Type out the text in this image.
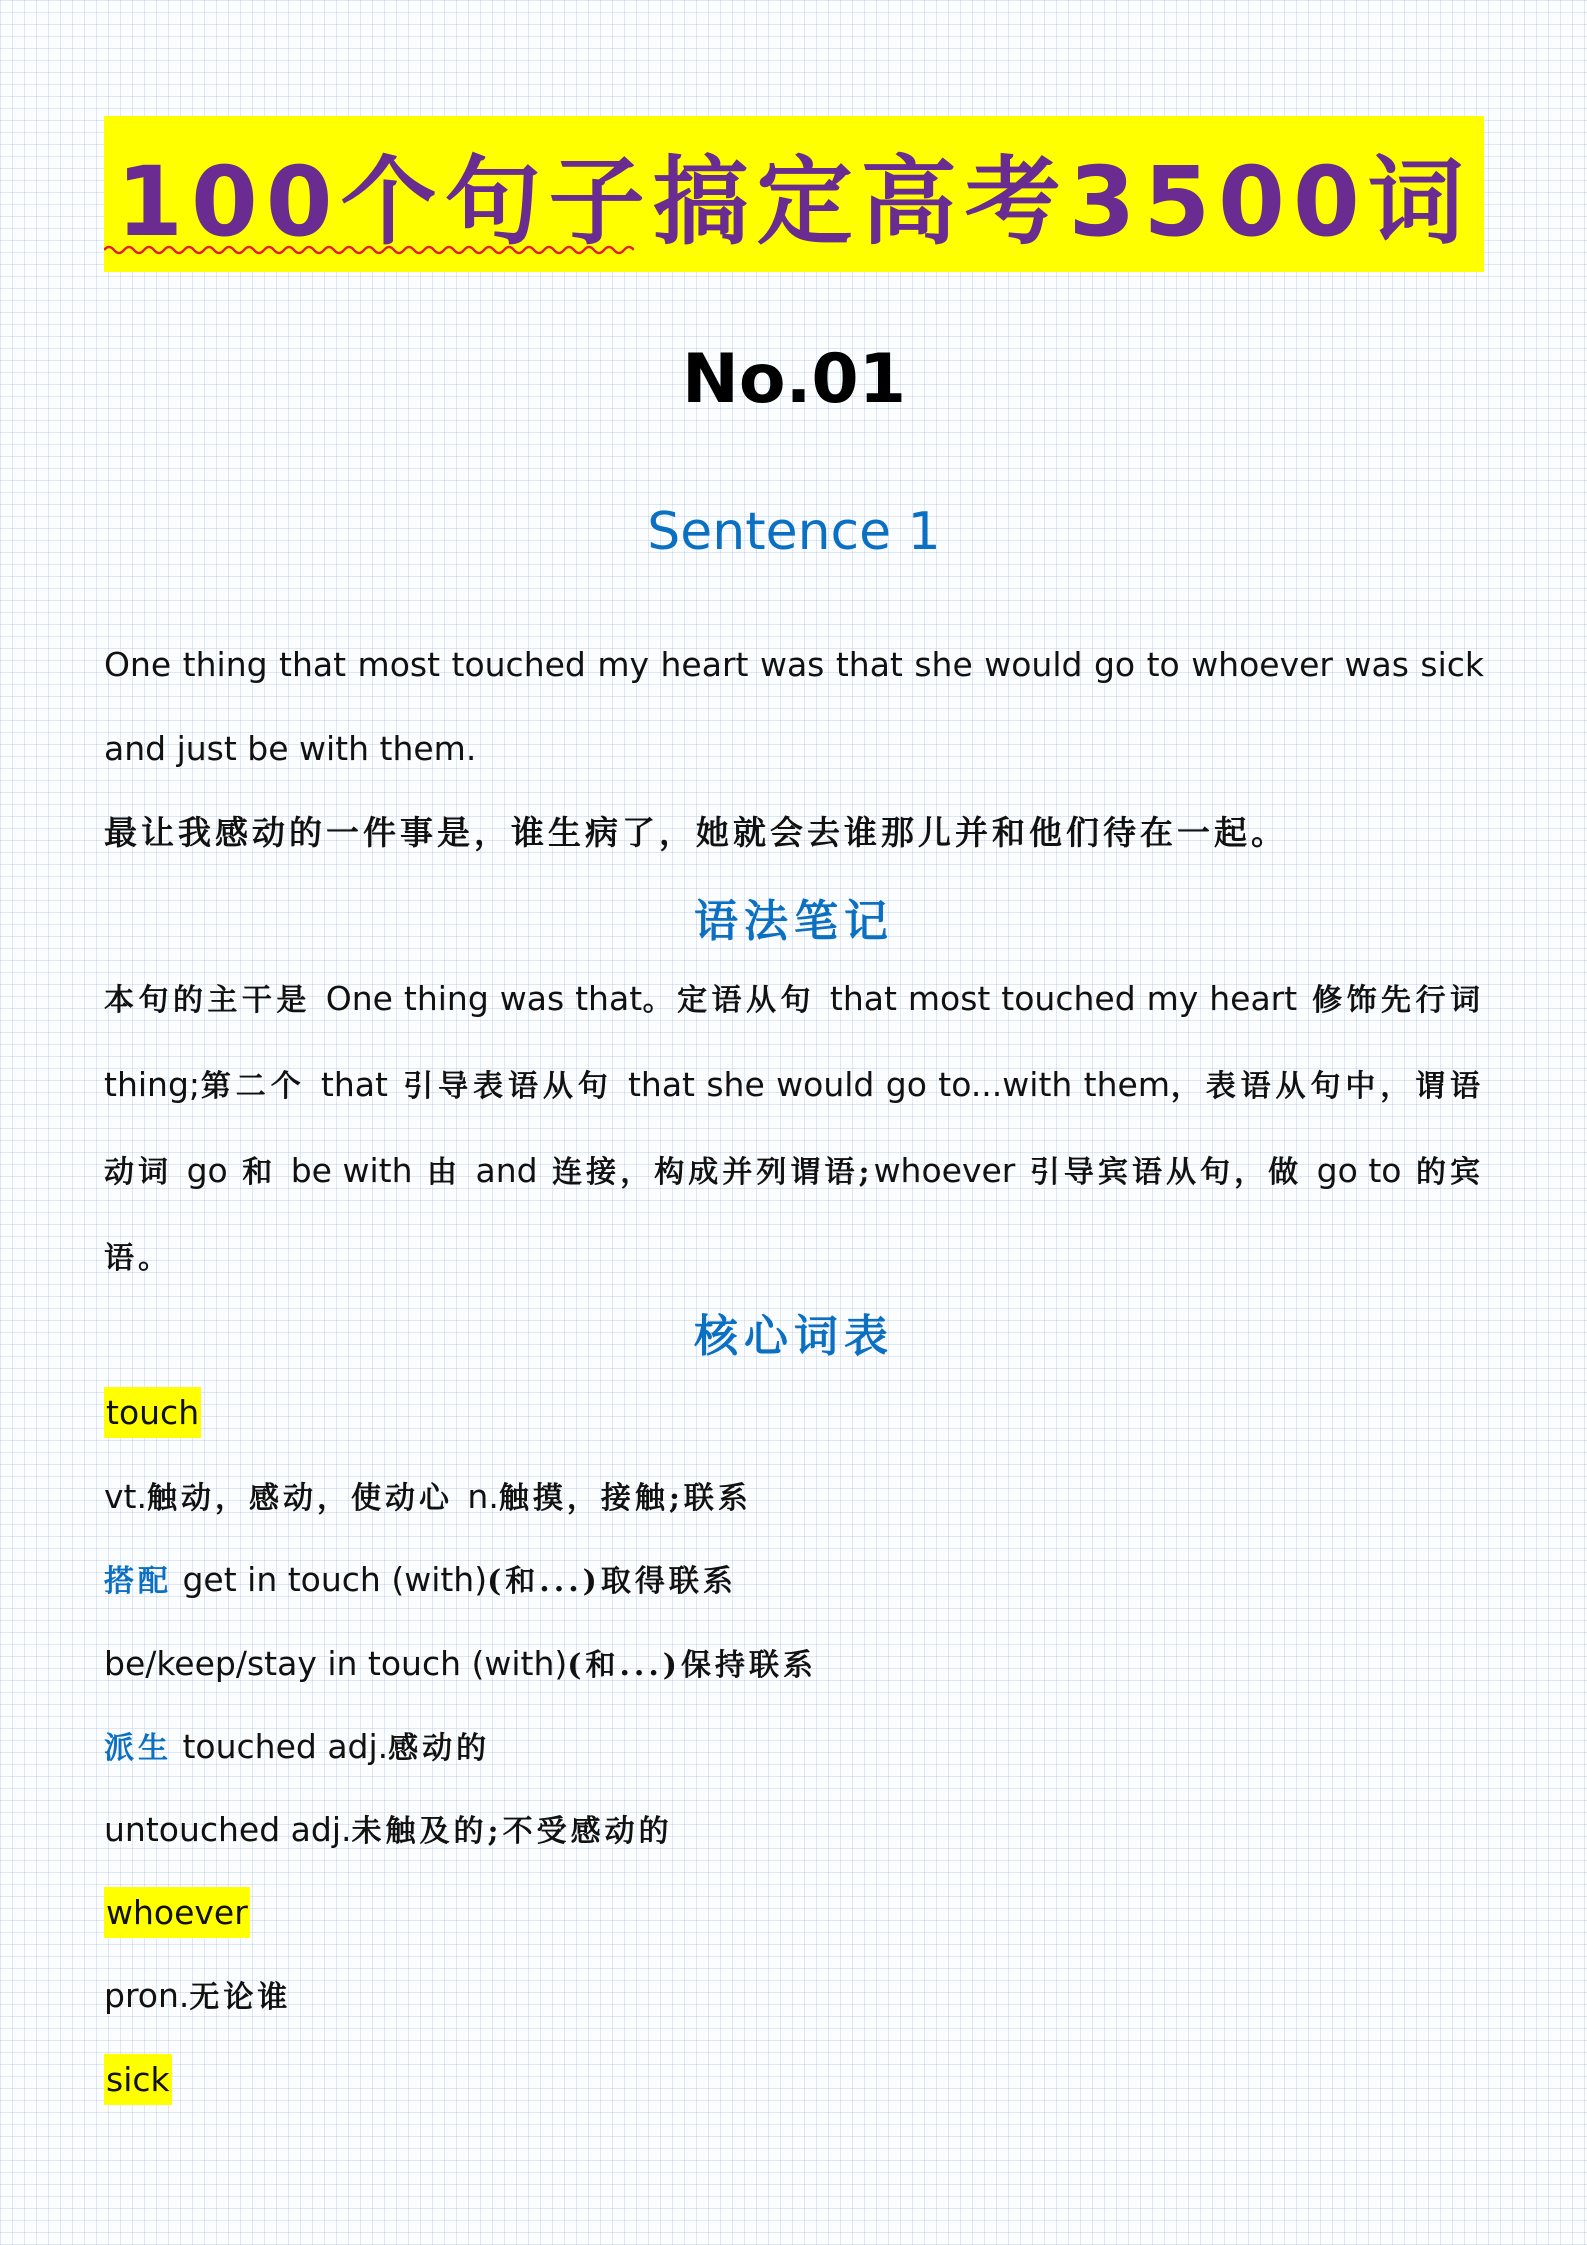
100个句子搞定高考3500词
No.01
Sentence 1
One thing that most touched my heart was that she would go to whoever was sick and just be with them.
最让我感动的一件事是，谁生病了，她就会去谁那儿并和他们待在一起。
语法笔记
本句的主干是 One thing was that。定语从句 that most touched my heart 修饰先行词 thing;第二个 that 引导表语从句 that she would go to...with them，表语从句中，谓语动词 go 和 be with 由 and 连接，构成并列谓语;whoever 引导宾语从句，做 go to 的宾语。
核心词表
touch
vt.触动，感动，使动心 n.触摸，接触;联系
搭配 get in touch (with)(和...)取得联系
be/keep/stay in touch (with)(和...)保持联系
派生 touched adj.感动的
untouched adj.未触及的;不受感动的
whoever
pron.无论谁
sick
